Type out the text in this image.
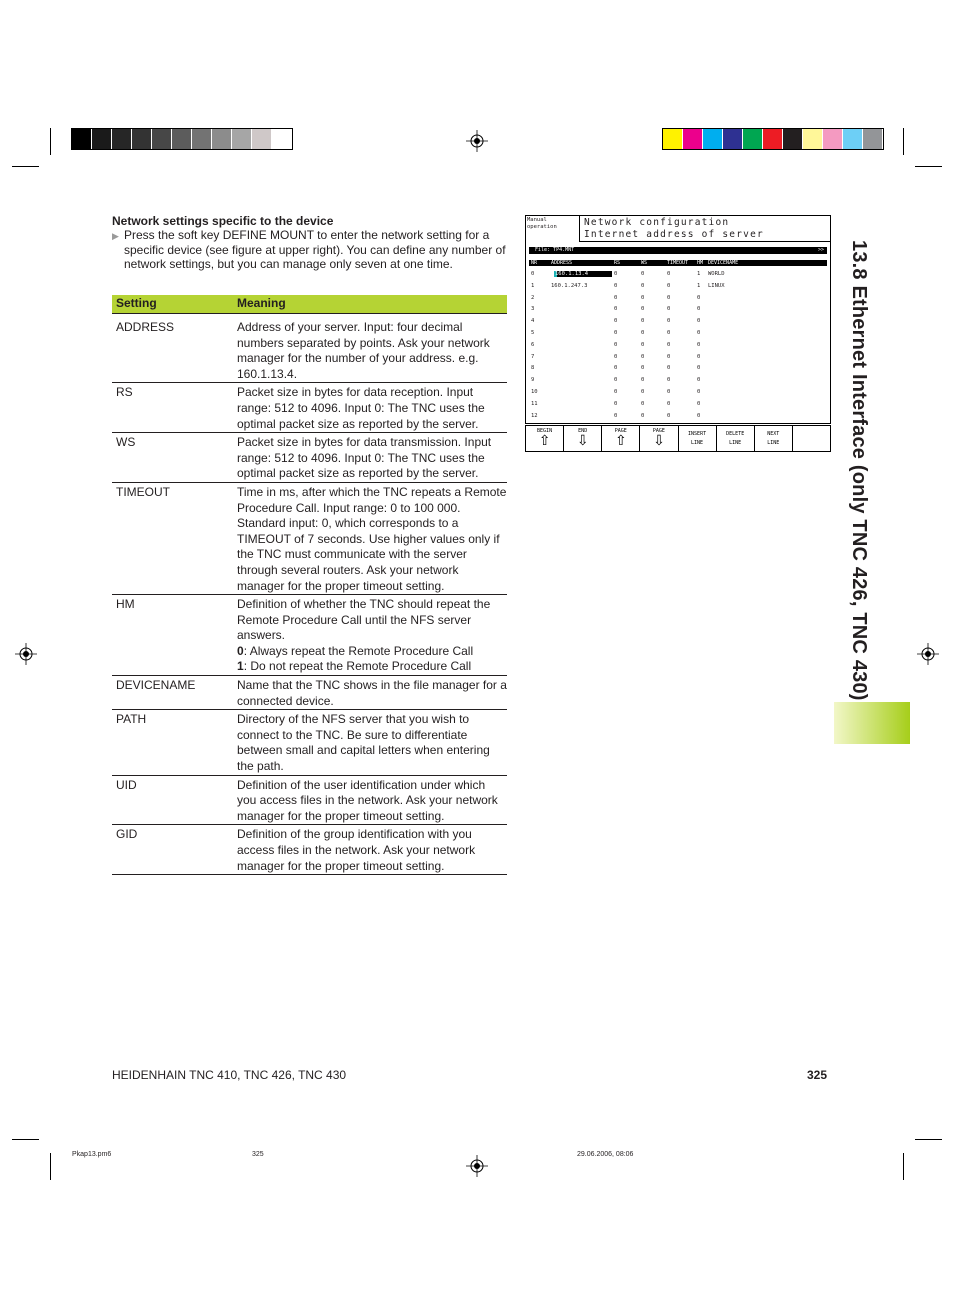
13.8 Ethernet Interface (only TNC 426, TNC 430)
Network settings specific to the device
▶ Press the soft key DEFINE MOUNT to enter the network setting for a specific device (see figure at upper right). You can define any number of network settings, but you can manage only seven at one time.
Setting	Meaning
ADDRESS	Address of your server. Input: four decimal numbers separated by points. Ask your network manager for the number of your address. e.g. 160.1.13.4.
RS	Packet size in bytes for data reception. Input range: 512 to 4096. Input 0: The TNC uses the optimal packet size as reported by the server.
WS	Packet size in bytes for data transmission. Input range: 512 to 4096. Input 0: The TNC uses the optimal packet size as reported by the server.
TIMEOUT	Time in ms, after which the TNC repeats a Remote Procedure Call. Input range: 0 to 100 000. Standard input: 0, which corresponds to a TIMEOUT of 7 seconds. Use higher values only if the TNC must communicate with the server through several routers. Ask your network manager for the proper timeout setting.
HM	Definition of whether the TNC should repeat the Remote Procedure Call until the NFS server answers.
0: Always repeat the Remote Procedure Call
1: Do not repeat the Remote Procedure Call
DEVICENAME	Name that the TNC shows in the file manager for a connected device.
PATH	Directory of the NFS server that you wish to connect to the TNC. Be sure to differentiate between small and capital letters when entering the path.
UID	Definition of the user identification under which you access files in the network. Ask your network manager for the proper timeout setting.
GID	Definition of the group identification with you access files in the network. Ask your network manager for the proper timeout setting.
Manual
operation	Network configuration
Internet address of server
File: TP4.MNT	>>
NR	ADDRESS	RS	WS	TIMEOUT HM DEVICENAME
0	160.1.13.4	0	0	0	1 WORLD
1	160.1.247.3	0	0	0	1 LINUX
2	0	0	0	0
3	0	0	0	0
4	0	0	0	0
5	0	0	0	0
6	0	0	0	0
7	0	0	0	0
8	0	0	0	0
9	0	0	0	0
10	0	0	0	0
11	0	0	0	0
12	0	0	0	0
BEGIN
⇧
END
⇩
PAGE
⇧
PAGE
⇩	INSERT
LINE
DELETE
LINE
NEXT
LINE
HEIDENHAIN TNC 410, TNC 426, TNC 430	325
Pkap13.pm6	325	29.06.2006, 08:06
